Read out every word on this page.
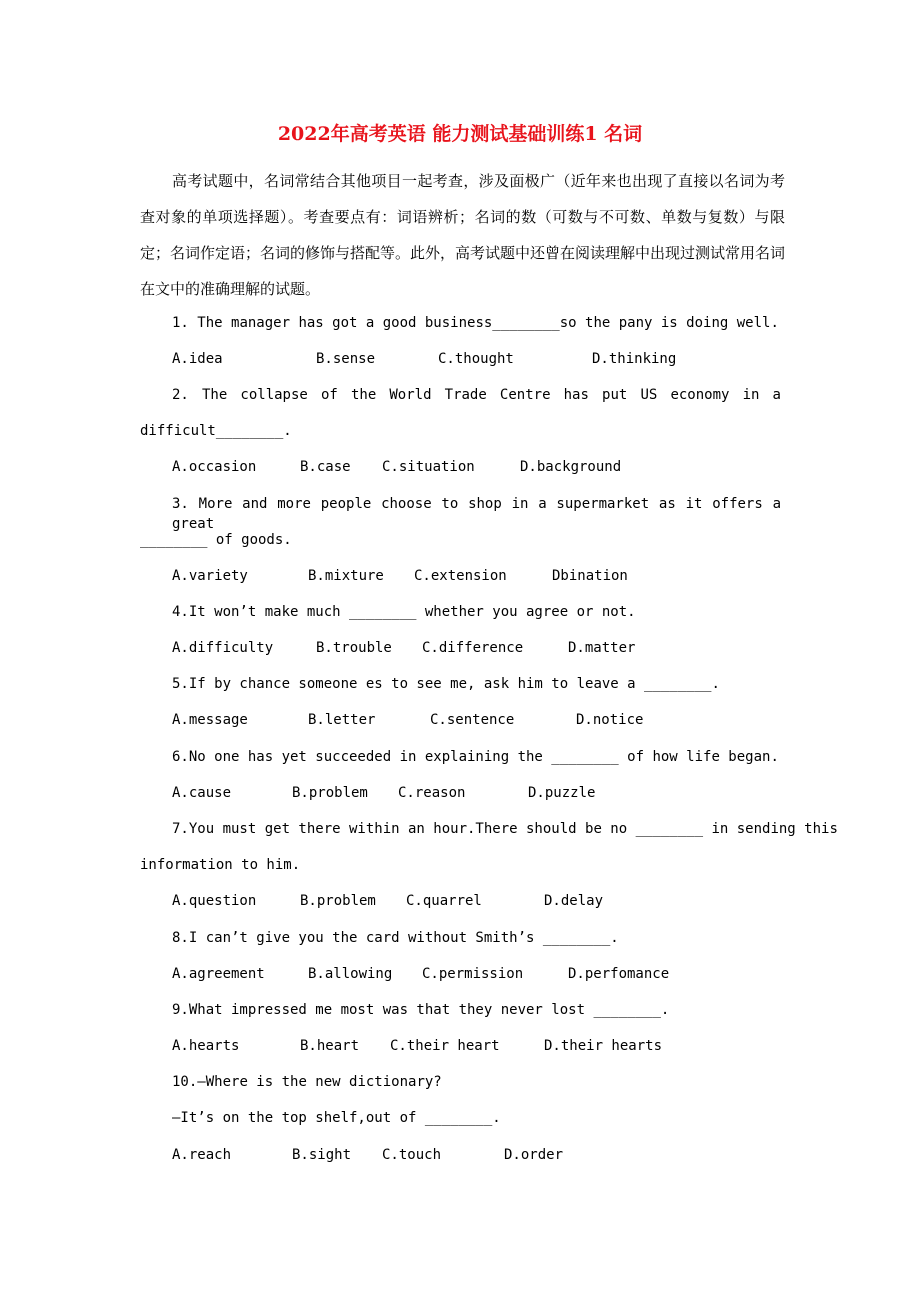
2022年高考英语 能力测试基础训练1 名词
高考试题中，名词常结合其他项目一起考查，涉及面极广（近年来也出现了直接以名词为考查对象的单项选择题）。考查要点有：词语辨析；名词的数（可数与不可数、单数与复数）与限定；名词作定语；名词的修饰与搭配等。此外，高考试题中还曾在阅读理解中出现过测试常用名词在文中的准确理解的试题。
1. The manager has got a good business________so the pany is doing well.
A.idea	B.sense	C.thought	D.thinking
2. The collapse of the World Trade Centre has put US economy in a
difficult________.
A.occasion	B.case C.situation	D.background
3. More and more people choose to shop in a supermarket as it offers a great
________ of goods.
A.variety	B.mixture C.extension	Dbination
4.It won’t make much ________ whether you agree or not.
A.difficulty	B.trouble C.difference	D.matter
5.If by chance someone es to see me, ask him to leave a ________.
A.message	B.letter	C.sentence	D.notice
6.No one has yet succeeded in explaining the ________ of how life began.
A.cause	B.problem C.reason	D.puzzle
7.You must get there within an hour.There should be no ________ in sending this
information to him.
A.question	B.problem C.quarrel	D.delay
8.I can’t give you the card without Smith’s ________.
A.agreement	B.allowing C.permission	D.perfomance
9.What impressed me most was that they never lost ________.
A.hearts	B.heart C.their heart	D.their hearts
10.—Where is the new dictionary?
—It’s on the top shelf,out of ________.
A.reach	B.sight C.touch	D.order
